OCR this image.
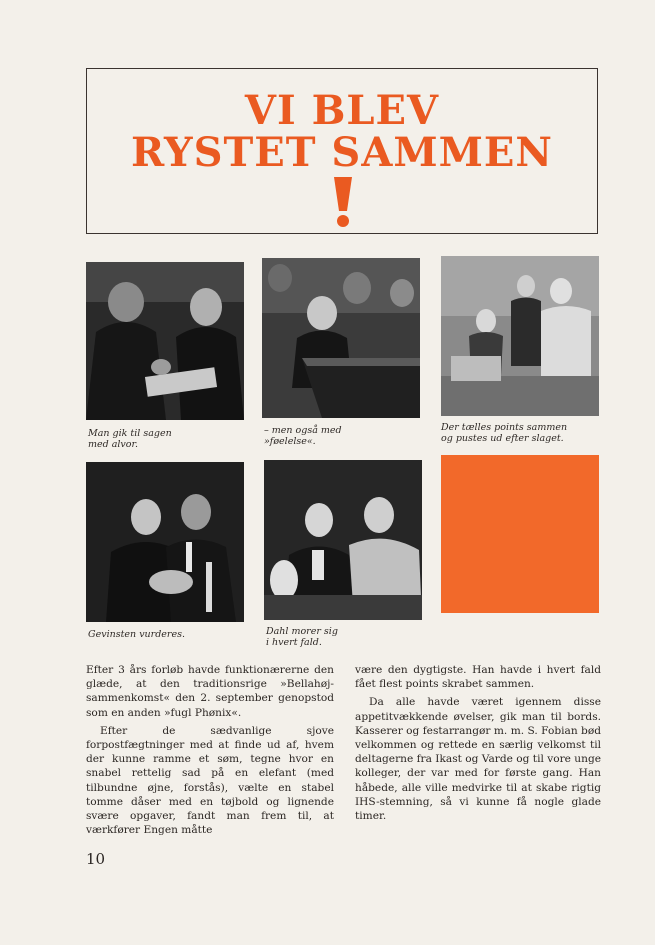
VI BLEV
RYSTET SAMMEN
Man gik til sagen
med alvor.
– men også med
»føelelse«.
Der tælles points sammen
og pustes ud efter slaget.
Gevinsten vurderes.	Dahl morer sig
i hvert fald.

Efter 3 års forløb havde funktionærerne den glæde, at den traditionsrige »Bellahøj-sammenkomst« den 2. september genopstod som en anden »fugl Phønix«.

Efter de sædvanlige sjove forpostfægtninger med at finde ud af, hvem der kunne ramme et søm, tegne hvor en snabel rettelig sad på en elefant (med tilbundne øjne, forstås), vælte en stabel tomme dåser med en tøjbold og lignende svære opgaver, fandt man frem til, at værkfører Engen måtte

være den dygtigste. Han havde i hvert fald fået flest points skrabet sammen.

Da alle havde været igennem disse appetitvækkende øvelser, gik man til bords. Kasserer og festarrangør m. m. S. Fobian bød velkommen og rettede en særlig velkomst til deltagerne fra Ikast og Varde og til vore unge kolleger, der var med for første gang. Han håbede, alle ville medvirke til at skabe rigtig IHS-stemning, så vi kunne få nogle glade timer.

10
